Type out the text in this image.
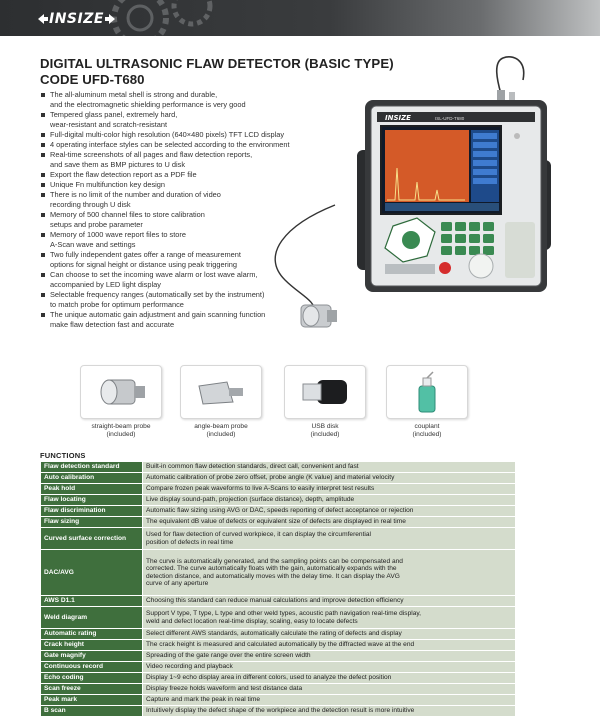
INSIZE
DIGITAL ULTRASONIC FLAW DETECTOR (BASIC TYPE)
CODE UFD-T680
The all-aluminum metal shell is strong and durable,
and the electromagnetic shielding performance is very good
Tempered glass panel, extremely hard,
wear-resistant and scratch-resistant
Full-digital multi-color high resolution (640×480 pixels) TFT LCD display
4 operating interface styles can be selected according to the environment
Real-time screenshots of all pages and flaw detection reports,
and save them as BMP pictures to U disk
Export the flaw detection report as a PDF file
Unique Fn multifunction key design
There is no limit of the number and duration of video
recording through U disk
Memory of 500 channel files to store calibration
setups and probe parameter
Memory of 1000 wave report files to store
A-Scan wave and settings
Two fully independent gates offer a range of measurement
options for signal height or distance using peak triggering
Can choose to set the incoming wave alarm or lost wave alarm,
accompanied by LED light display
Selectable frequency ranges (automatically set by the instrument)
to match probe for optimum performance
The unique automatic gain adjustment and gain scanning function
make flaw detection fast and accurate
INSIZE	ISL-UFD-T680
straight-beam probe
(included)
angle-beam probe
(included)
USB disk
(included)
couplant
(included)
FUNCTIONS
Flaw detection standard	Built-in common flaw detection standards, direct call, convenient and fast

Auto calibration	Automatic calibration of probe zero offset, probe angle (K value) and material velocity

Peak hold	Compare frozen peak waveforms to live A-Scans to easily interpret test results

Flaw locating	Live display sound-path, projection (surface distance), depth, amplitude

Flaw discrimination	Automatic flaw sizing using AVG or DAC, speeds reporting of defect acceptance or rejection

Flaw sizing	The equivalent dB value of defects or equivalent size of defects are displayed in real time

Curved surface correction	Used for flaw detection of curved workpiece, it can display the circumferential
position of defects in real time

DAC/AVG	The curve is automatically generated, and the sampling points can be compensated and
corrected. The curve automatically floats with the gain, automatically expands with the
detection distance, and automatically moves with the delay time. It can display the AVG
curve of any aperture

AWS D1.1	Choosing this standard can reduce manual calculations and improve detection efficiency

Weld diagram	Support V type, T type, L type and other weld types, acoustic path navigation real-time display,
weld and defect location real-time display, scaling, easy to locate defects

Automatic rating	Select different AWS standards, automatically calculate the rating of defects and display

Crack height	The crack height is measured and calculated automatically by the diffracted wave at the end

Gate magnify	Spreading of the gate range over the entire screen width

Continuous record	Video recording and playback

Echo coding	Display 1~9 echo display area in different colors, used to analyze the defect position

Scan freeze	Display freeze holds waveform and test distance data

Peak mark	Capture and mark the peak in real time

B scan	Intuitively display the defect shape of the workpiece and the detection result is more intuitive
